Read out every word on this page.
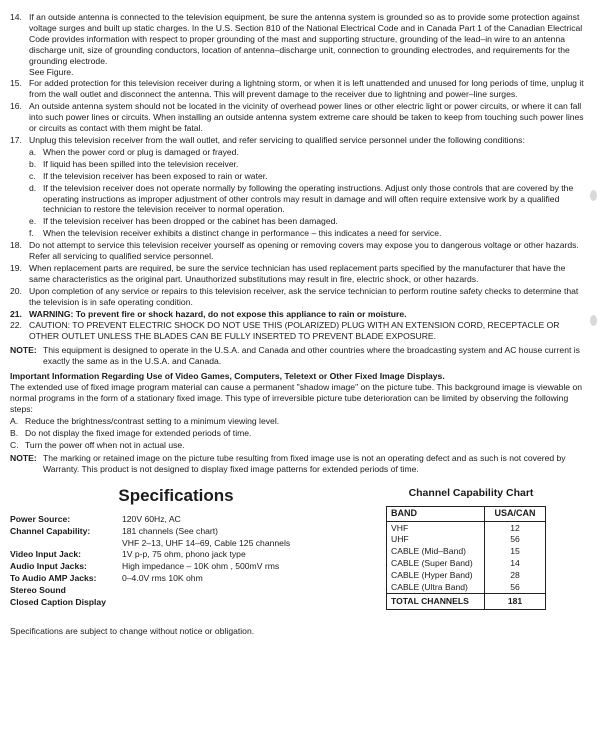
14. If an outside antenna is connected to the television equipment, be sure the antenna system is grounded so as to provide some protection against voltage surges and built up static charges. In the U.S. Section 810 of the National Electrical Code and in Canada Part 1 of the Canadian Electrical Code provides information with respect to proper grounding of the mast and supporting structure, grounding of the lead–in wire to an antenna discharge unit, size of grounding conductors, location of antenna–discharge unit, connection to grounding electrodes, and requirements for the grounding electrode.
See Figure.
15. For added protection for this television receiver during a lightning storm, or when it is left unattended and unused for long periods of time, unplug it from the wall outlet and disconnect the antenna. This will prevent damage to the receiver due to lightning and power–line surges.
16. An outside antenna system should not be located in the vicinity of overhead power lines or other electric light or power circuits, or where it can fall into such power lines or circuits. When installing an outside antenna system extreme care should be taken to keep from touching such power lines or circuits as contact with them might be fatal.
17. Unplug this television receiver from the wall outlet, and refer servicing to qualified service personnel under the following conditions:
a. When the power cord or plug is damaged or frayed.
b. If liquid has been spilled into the television receiver.
c. If the television receiver has been exposed to rain or water.
d. If the television receiver does not operate normally by following the operating instructions. Adjust only those controls that are covered by the operating instructions as improper adjustment of other controls may result in damage and will often require extensive work by a qualified technician to restore the television receiver to normal operation.
e. If the television receiver has been dropped or the cabinet has been damaged.
f.	When the television receiver exhibits a distinct change in performance – this indicates a need for service.
18. Do not attempt to service this television receiver yourself as opening or removing covers may expose you to dangerous voltage or other hazards. Refer all servicing to qualified service personnel.
19. When replacement parts are required, be sure the service technician has used replacement parts specified by the manufacturer that have the same characteristics as the original part. Unauthorized substitutions may result in fire, electric shock, or other hazards.
20. Upon completion of any service or repairs to this television receiver, ask the service technician to perform routine safety checks to determine that the television is in safe operating condition.
21. WARNING: To prevent fire or shock hazard, do not expose this appliance to rain or moisture.
22. CAUTION: TO PREVENT ELECTRIC SHOCK DO NOT USE THIS (POLARIZED) PLUG WITH AN EXTENSION CORD, RECEPTACLE OR OTHER OUTLET UNLESS THE BLADES CAN BE FULLY INSERTED TO PREVENT BLADE EXPOSURE.
NOTE: This equipment is designed to operate in the U.S.A. and Canada and other countries where the broadcasting system and AC house current is exactly the same as in the U.S.A. and Canada.
Important Information Regarding Use of Video Games, Computers, Teletext or Other Fixed Image Displays.
The extended use of fixed image program material can cause a permanent "shadow image" on the picture tube. This background image is viewable on normal programs in the form of a stationary fixed image. This type of irreversible picture tube deterioration can be limited by observing the following steps:
A. Reduce the brightness/contrast setting to a minimum viewing level.
B. Do not display the fixed image for extended periods of time.
C. Turn the power off when not in actual use.
NOTE: The marking or retained image on the picture tube resulting from fixed image use is not an operating defect and as such is not covered by Warranty. This product is not designed to display fixed image patterns for extended periods of time.
Specifications
Power Source:	120V 60Hz, AC
Channel Capability:	181 channels (See chart)
VHF 2–13, UHF 14–69, Cable 125 channels
Video Input Jack:	1V p-p, 75 ohm, phono jack type
Audio Input Jacks:	High impedance – 10K ohm , 500mV rms
To Audio AMP Jacks:	0–4.0V rms 10K ohm
Stereo Sound
Closed Caption Display
Channel Capability Chart
BAND	USA/CAN
VHF	12
UHF	56
CABLE (Mid–Band)	15
CABLE (Super Band)	14
CABLE (Hyper Band)	28
CABLE (Ultra Band)	56
TOTAL CHANNELS	181
Specifications are subject to change without notice or obligation.
